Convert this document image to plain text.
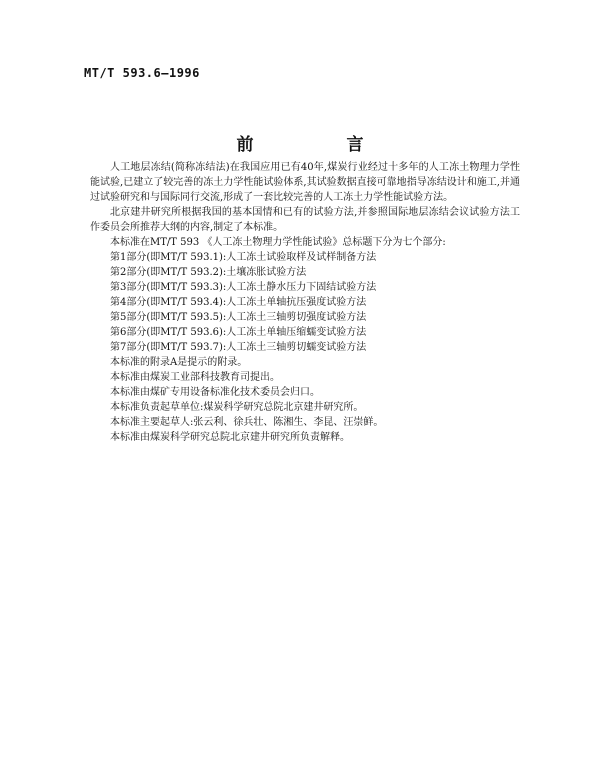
MT/T 593.6—1996
前　言

人工地层冻结(简称冻结法)在我国应用已有40年,煤炭行业经过十多年的人工冻土物理力学性能试验,已建立了较完善的冻土力学性能试验体系,其试验数据直接可靠地指导冻结设计和施工,并通过试验研究和与国际同行交流,形成了一套比较完善的人工冻土力学性能试验方法。

北京建井研究所根据我国的基本国情和已有的试验方法,并参照国际地层冻结会议试验方法工作委员会所推荐大纲的内容,制定了本标准。

本标准在MT/T 593 《人工冻土物理力学性能试验》总标题下分为七个部分:

第1部分(即MT/T 593.1):人工冻土试验取样及试样制备方法

第2部分(即MT/T 593.2):土壤冻胀试验方法

第3部分(即MT/T 593.3):人工冻土静水压力下固结试验方法

第4部分(即MT/T 593.4):人工冻土单轴抗压强度试验方法

第5部分(即MT/T 593.5):人工冻土三轴剪切强度试验方法

第6部分(即MT/T 593.6):人工冻土单轴压缩蠕变试验方法

第7部分(即MT/T 593.7):人工冻土三轴剪切蠕变试验方法

本标准的附录A是提示的附录。

本标准由煤炭工业部科技教育司提出。

本标准由煤矿专用设备标准化技术委员会归口。

本标准负责起草单位:煤炭科学研究总院北京建井研究所。

本标准主要起草人:张云利、徐兵壮、陈湘生、李昆、汪崇鲜。

本标准由煤炭科学研究总院北京建井研究所负责解释。
